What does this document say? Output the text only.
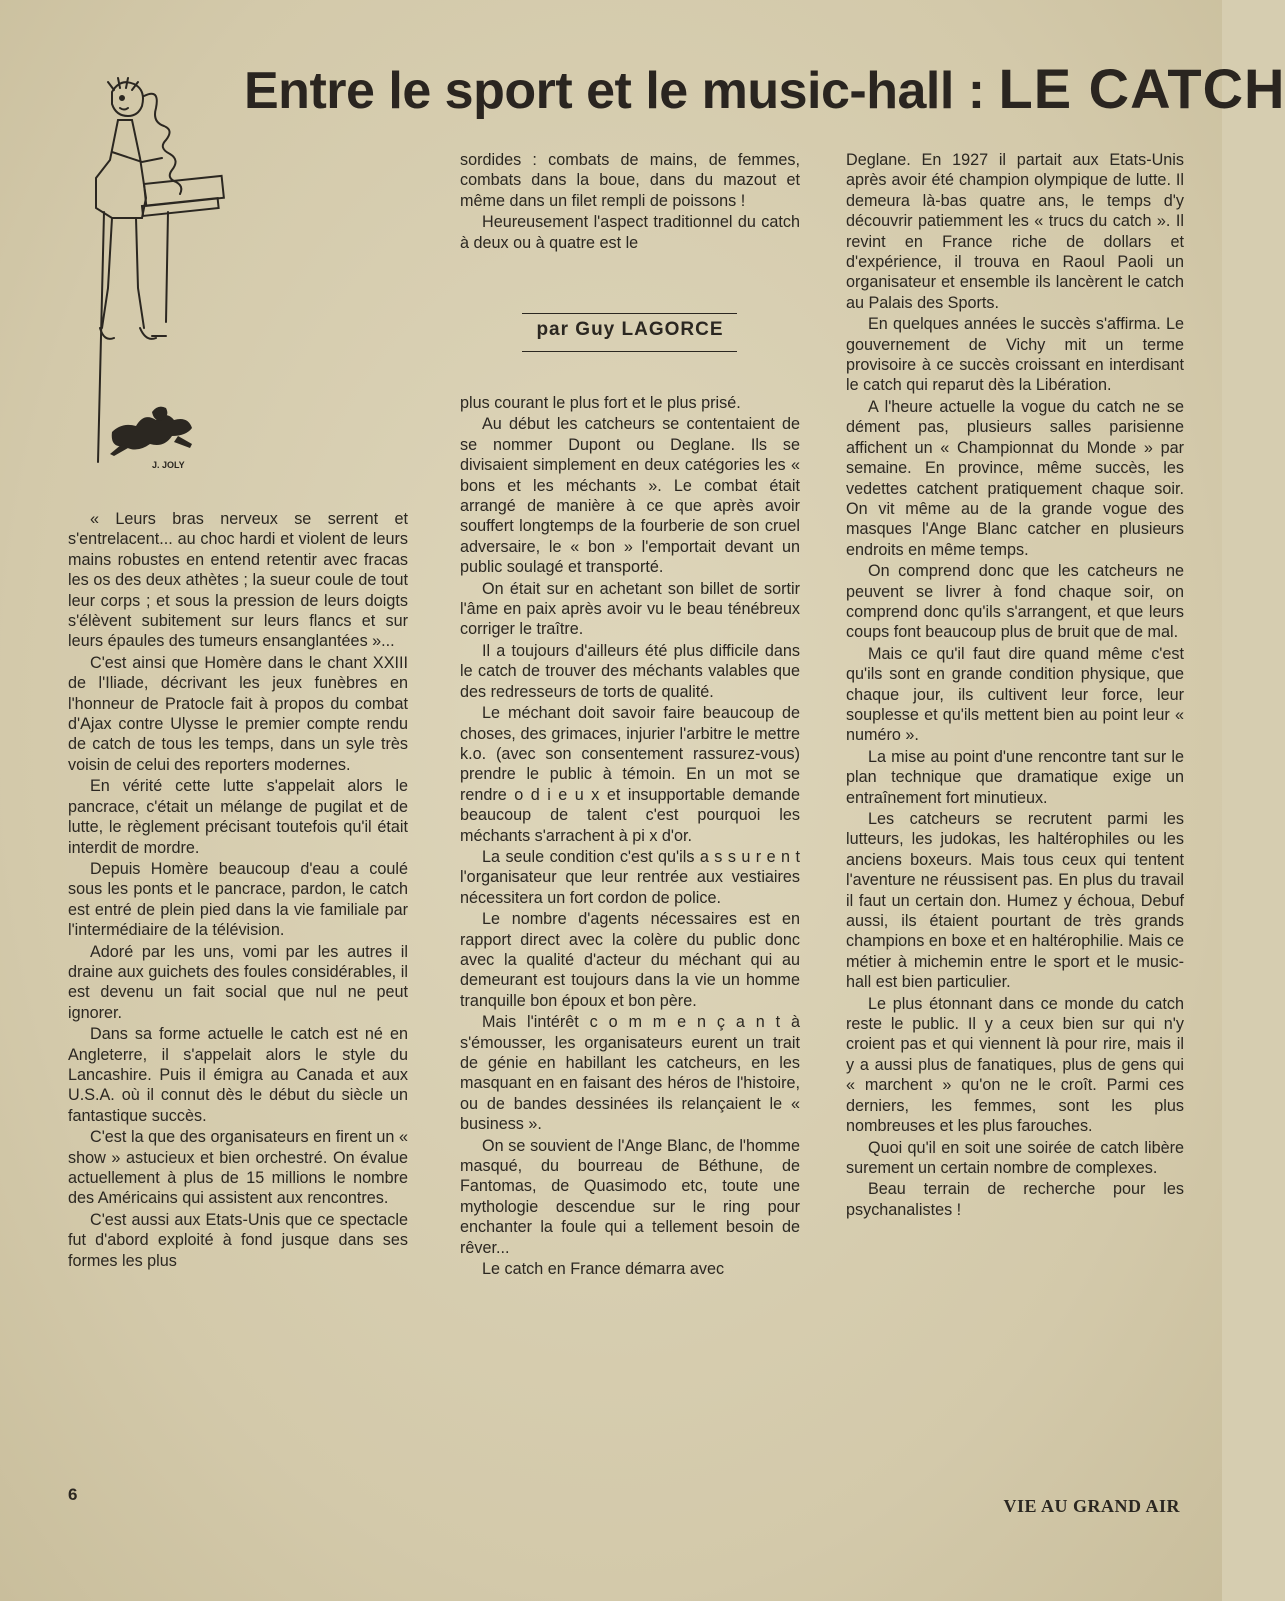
Entre le sport et le music-hall : LE CATCH
J. JOLY

« Leurs bras nerveux se serrent et s'entrelacent... au choc hardi et violent de leurs mains robustes en entend retentir avec fracas les os des deux athètes ; la sueur coule de tout leur corps ; et sous la pression de leurs doigts s'élèvent subitement sur leurs flancs et sur leurs épaules des tumeurs ensanglantées »...

C'est ainsi que Homère dans le chant XXIII de l'Iliade, décrivant les jeux funèbres en l'honneur de Pratocle fait à propos du combat d'Ajax contre Ulysse le premier compte rendu de catch de tous les temps, dans un syle très voisin de celui des reporters modernes.

En vérité cette lutte s'appelait alors le pancrace, c'était un mélange de pugilat et de lutte, le règlement précisant toutefois qu'il était interdit de mordre.

Depuis Homère beaucoup d'eau a coulé sous les ponts et le pancrace, pardon, le catch est entré de plein pied dans la vie familiale par l'intermédiaire de la télévision.

Adoré par les uns, vomi par les autres il draine aux guichets des foules considérables, il est devenu un fait social que nul ne peut ignorer.

Dans sa forme actuelle le catch est né en Angleterre, il s'appelait alors le style du Lancashire. Puis il émigra au Canada et aux U.S.A. où il connut dès le début du siècle un fantastique succès.

C'est la que des organisateurs en firent un « show » astucieux et bien orchestré. On évalue actuellement à plus de 15 millions le nombre des Américains qui assistent aux rencontres.

C'est aussi aux Etats-Unis que ce spectacle fut d'abord exploité à fond jusque dans ses formes les plus

sordides : combats de mains, de femmes, combats dans la boue, dans du mazout et même dans un filet rempli de poissons !

Heureusement l'aspect traditionnel du catch à deux ou à quatre est le

par Guy LAGORCE

plus courant le plus fort et le plus prisé.

Au début les catcheurs se contentaient de se nommer Dupont ou Deglane. Ils se divisaient simplement en deux catégories les « bons et les méchants ». Le combat était arrangé de manière à ce que après avoir souffert longtemps de la fourberie de son cruel adversaire, le « bon » l'emportait devant un public soulagé et transporté.

On était sur en achetant son billet de sortir l'âme en paix après avoir vu le beau ténébreux corriger le traître.

Il a toujours d'ailleurs été plus difficile dans le catch de trouver des méchants valables que des redresseurs de torts de qualité.

Le méchant doit savoir faire beaucoup de choses, des grimaces, injurier l'arbitre le mettre k.o. (avec son consentement rassurez-vous) prendre le public à témoin. En un mot se rendre o d i e u x et insupportable demande beaucoup de talent c'est pourquoi les méchants s'arrachent à pi x d'or.

La seule condition c'est qu'ils a s s u r e n t l'organisateur que leur rentrée aux vestiaires nécessitera un fort cordon de police.

Le nombre d'agents nécessaires est en rapport direct avec la colère du public donc avec la qualité d'acteur du méchant qui au demeurant est toujours dans la vie un homme tranquille bon époux et bon père.

Mais l'intérêt c o m m e n ç a n t à s'émousser, les organisateurs eurent un trait de génie en habillant les catcheurs, en les masquant en en faisant des héros de l'histoire, ou de bandes dessinées ils relançaient le « business ».

On se souvient de l'Ange Blanc, de l'homme masqué, du bourreau de Béthune, de Fantomas, de Quasimodo etc, toute une mythologie descendue sur le ring pour enchanter la foule qui a tellement besoin de rêver...

Le catch en France démarra avec

Deglane. En 1927 il partait aux Etats-Unis après avoir été champion olympique de lutte. Il demeura là-bas quatre ans, le temps d'y découvrir patiemment les « trucs du catch ». Il revint en France riche de dollars et d'expérience, il trouva en Raoul Paoli un organisateur et ensemble ils lancèrent le catch au Palais des Sports.

En quelques années le succès s'affirma. Le gouvernement de Vichy mit un terme provisoire à ce succès croissant en interdisant le catch qui reparut dès la Libération.

A l'heure actuelle la vogue du catch ne se dément pas, plusieurs salles parisienne affichent un « Championnat du Monde » par semaine. En province, même succès, les vedettes catchent pratiquement chaque soir. On vit même au de la grande vogue des masques l'Ange Blanc catcher en plusieurs endroits en même temps.

On comprend donc que les catcheurs ne peuvent se livrer à fond chaque soir, on comprend donc qu'ils s'arrangent, et que leurs coups font beaucoup plus de bruit que de mal.

Mais ce qu'il faut dire quand même c'est qu'ils sont en grande condition physique, que chaque jour, ils cultivent leur force, leur souplesse et qu'ils mettent bien au point leur « numéro ».

La mise au point d'une rencontre tant sur le plan technique que dramatique exige un entraînement fort minutieux.

Les catcheurs se recrutent parmi les lutteurs, les judokas, les haltérophiles ou les anciens boxeurs. Mais tous ceux qui tentent l'aventure ne réussisent pas. En plus du travail il faut un certain don. Humez y échoua, Debuf aussi, ils étaient pourtant de très grands champions en boxe et en haltérophilie. Mais ce métier à michemin entre le sport et le music-hall est bien particulier.

Le plus étonnant dans ce monde du catch reste le public. Il y a ceux bien sur qui n'y croient pas et qui viennent là pour rire, mais il y a aussi plus de fanatiques, plus de gens qui « marchent » qu'on ne le croît. Parmi ces derniers, les femmes, sont les plus nombreuses et les plus farouches.

Quoi qu'il en soit une soirée de catch libère surement un certain nombre de complexes.

Beau terrain de recherche pour les psychanalistes !

6
VIE AU GRAND AIR
